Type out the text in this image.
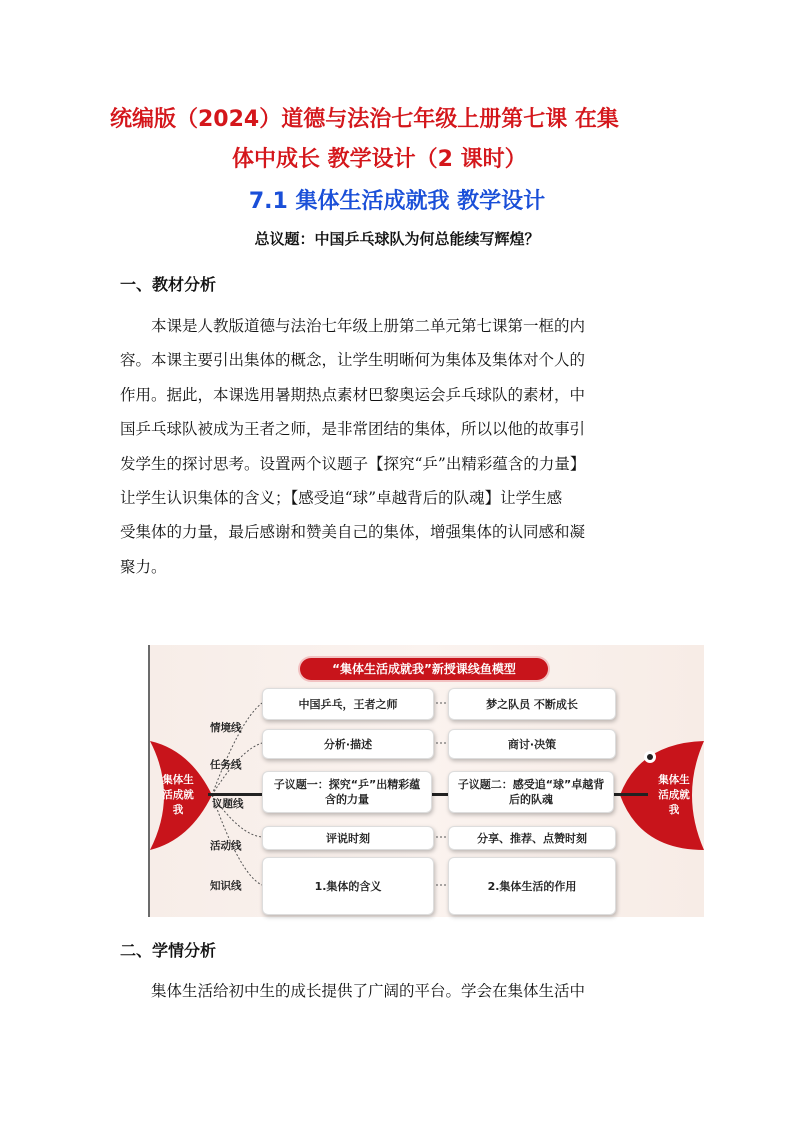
统编版（2024）道德与法治七年级上册第七课 在集
体中成长 教学设计（2 课时）
7.1 集体生活成就我 教学设计
总议题：中国乒乓球队为何总能续写辉煌？
一、教材分析
本课是人教版道德与法治七年级上册第二单元第七课第一框的内
容。本课主要引出集体的概念，让学生明晰何为集体及集体对个人的
作用。据此，本课选用暑期热点素材巴黎奥运会乒乓球队的素材，中
国乒乓球队被成为王者之师，是非常团结的集体，所以以他的故事引
发学生的探讨思考。设置两个议题子【探究“乒”出精彩蕴含的力量】
让学生认识集体的含义；【感受追“球”卓越背后的队魂】让学生感
受集体的力量，最后感谢和赞美自己的集体，增强集体的认同感和凝
聚力。
“集体生活成就我”新授课线鱼模型
集体生
活成就
我
集体生
活成就
我
情境线
任务线
议题线
活动线
知识线
中国乒乓，王者之师
分析·描述
子议题一：探究“乒”出精彩蕴含的力量
评说时刻
1.集体的含义
梦之队员 不断成长
商讨·决策
子议题二：感受追“球”卓越背后的队魂
分享、推荐、点赞时刻
2.集体生活的作用
二、学情分析
集体生活给初中生的成长提供了广阔的平台。学会在集体生活中
